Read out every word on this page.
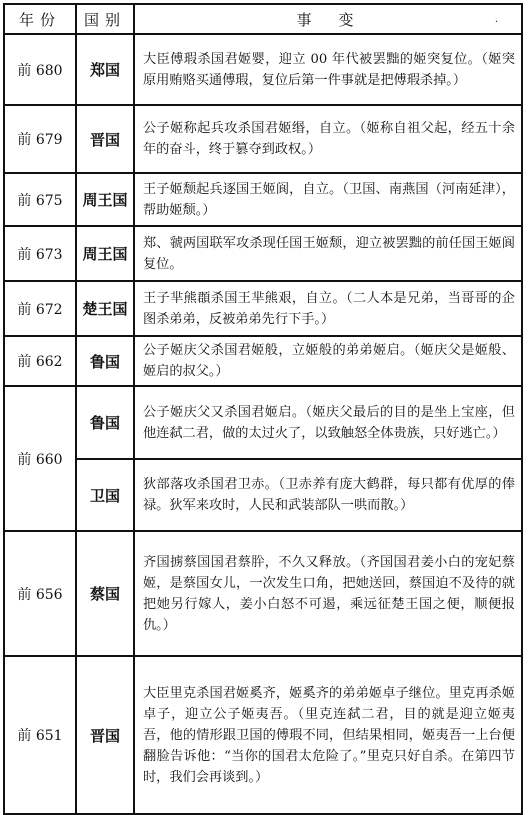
.
年份	国别	事　变
前 680	郑国	大臣傅瑕杀国君姬婴，迎立 00 年代被罢黜的姬突复位。（姬突原用贿赂买通傅瑕，复位后第一件事就是把傅瑕杀掉。）
前 679	晋国	公子姬称起兵攻杀国君姬缗，自立。（姬称自祖父起，经五十余年的奋斗，终于篡夺到政权。）
前 675	周王国	王子姬颓起兵逐国王姬阆，自立。（卫国、南燕国（河南延津），帮助姬颓。）
前 673	周王国	郑、虢两国联军攻杀现任国王姬颓，迎立被罢黜的前任国王姬阆复位。
前 672	楚王国	王子芈熊頵杀国王芈熊艰，自立。（二人本是兄弟，当哥哥的企图杀弟弟，反被弟弟先行下手。）
前 662	鲁国	公子姬庆父杀国君姬般，立姬般的弟弟姬启。（姬庆父是姬般、姬启的叔父。）
前 660	鲁国	公子姬庆父又杀国君姬启。（姬庆父最后的目的是坐上宝座，但他连弑二君，做的太过火了，以致触怒全体贵族，只好逃亡。）
	卫国	狄部落攻杀国君卫赤。（卫赤养有庞大鹤群，每只都有优厚的俸禄。狄军来攻时，人民和武装部队一哄而散。）
前 656	蔡国	齐国掳蔡国国君蔡肸，不久又释放。（齐国国君姜小白的宠妃蔡姬，是蔡国女儿，一次发生口角，把她送回，蔡国迫不及待的就把她另行嫁人，姜小白怒不可遏，乘远征楚王国之便，顺便报仇。）
前 651	晋国	大臣里克杀国君姬奚齐，姬奚齐的弟弟姬卓子继位。里克再杀姬卓子，迎立公子姬夷吾。（里克连弑二君，目的就是迎立姬夷吾，他的情形跟卫国的傅瑕不同，但结果相同，姬夷吾一上台便翻脸告诉他：“当你的国君太危险了。”里克只好自杀。在第四节时，我们会再谈到。）
